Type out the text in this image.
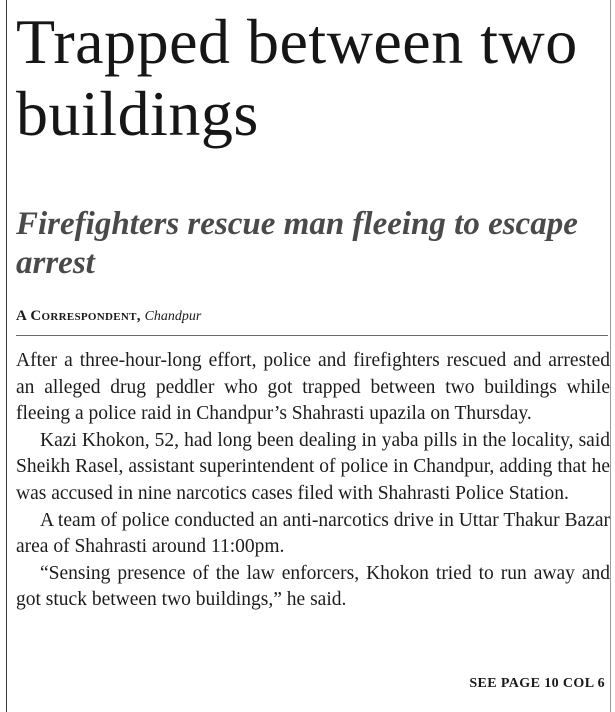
Trapped between two buildings
Firefighters rescue man fleeing to escape arrest
A Correspondent, Chandpur

After a three-hour-long effort, police and firefighters rescued and arrested an alleged drug peddler who got trapped between two buildings while fleeing a police raid in Chandpur’s Shahrasti upazila on Thursday.

Kazi Khokon, 52, had long been dealing in yaba pills in the locality, said Sheikh Rasel, assistant superintendent of police in Chandpur, adding that he was accused in nine narcotics cases filed with Shahrasti Police Station.

A team of police conducted an anti-narcotics drive in Uttar Thakur Bazar area of Shahrasti around 11:00pm.

“Sensing presence of the law enforcers, Khokon tried to run away and got stuck between two buildings,” he said.

SEE PAGE 10 COL 6
